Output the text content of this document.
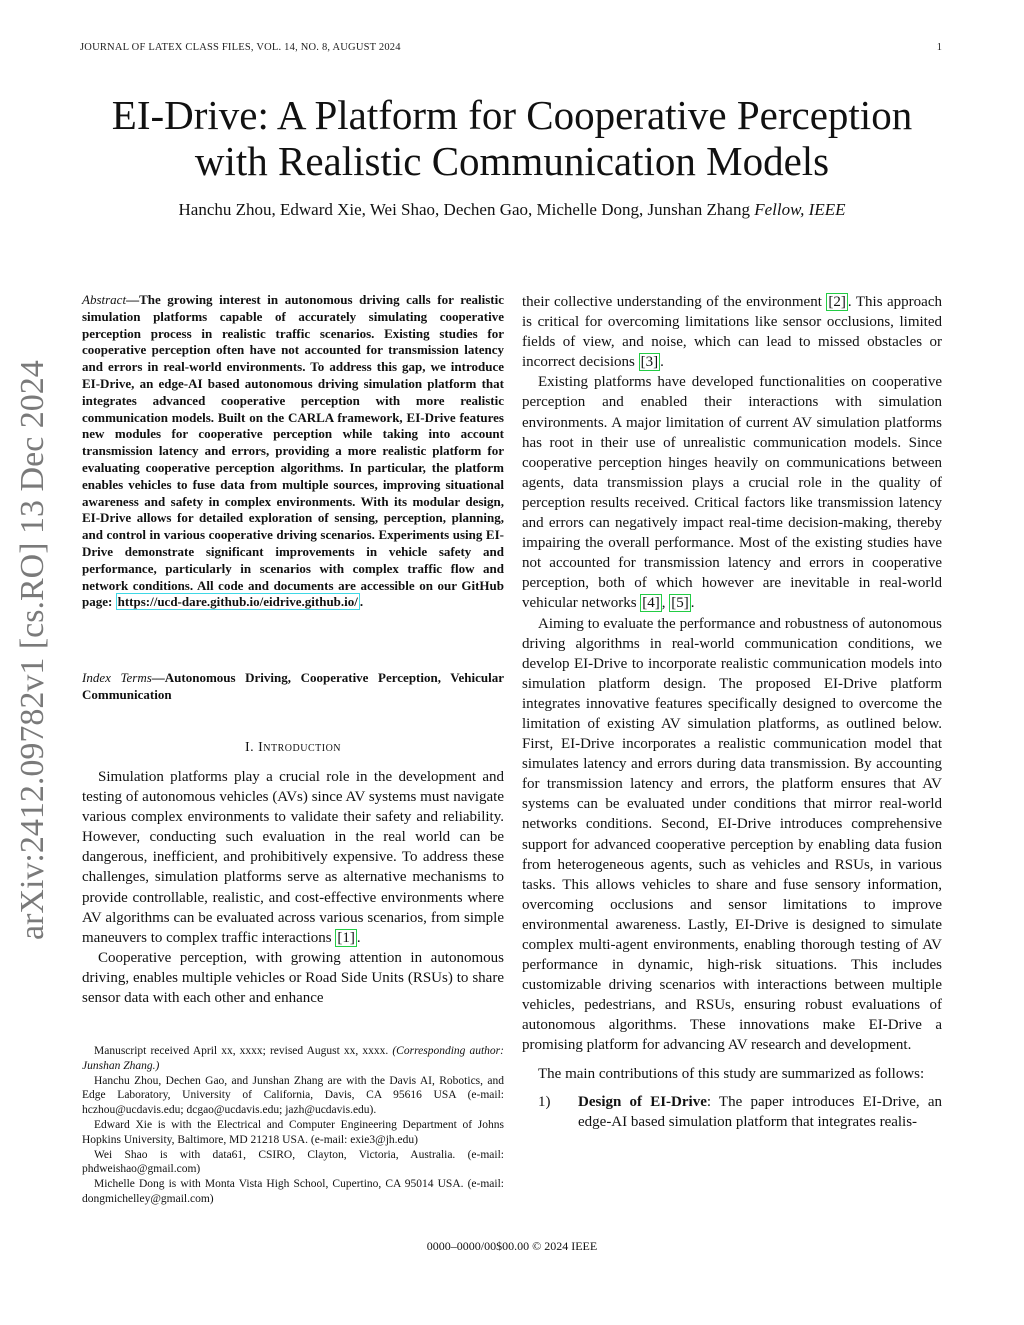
JOURNAL OF LATEX CLASS FILES, VOL. 14, NO. 8, AUGUST 2024	1
EI-Drive: A Platform for Cooperative Perception
with Realistic Communication Models
Hanchu Zhou, Edward Xie, Wei Shao, Dechen Gao, Michelle Dong, Junshan Zhang Fellow, IEEE
arXiv:2412.09782v1 [cs.RO] 13 Dec 2024
Abstract—The growing interest in autonomous driving calls for realistic simulation platforms capable of accurately simulating cooperative perception process in realistic traffic scenarios. Existing studies for cooperative perception often have not accounted for transmission latency and errors in real-world environments. To address this gap, we introduce EI-Drive, an edge-AI based autonomous driving simulation platform that integrates advanced cooperative perception with more realistic communication models. Built on the CARLA framework, EI-Drive features new modules for cooperative perception while taking into account transmission latency and errors, providing a more realistic platform for evaluating cooperative perception algorithms. In particular, the platform enables vehicles to fuse data from multiple sources, improving situational awareness and safety in complex environments. With its modular design, EI-Drive allows for detailed exploration of sensing, perception, planning, and control in various cooperative driving scenarios. Experiments using EI-Drive demonstrate significant improvements in vehicle safety and performance, particularly in scenarios with complex traffic flow and network conditions. All code and documents are accessible on our GitHub page: https://ucd-dare.github.io/eidrive.github.io/ .
Index Terms—Autonomous Driving, Cooperative Perception, Vehicular Communication
I. Introduction

Simulation platforms play a crucial role in the development and testing of autonomous vehicles (AVs) since AV systems must navigate various complex environments to validate their safety and reliability. However, conducting such evaluation in the real world can be dangerous, inefficient, and prohibitively expensive. To address these challenges, simulation platforms serve as alternative mechanisms to provide controllable, realistic, and cost-effective environments where AV algorithms can be evaluated across various scenarios, from simple maneuvers to complex traffic interactions [1] .

Cooperative perception, with growing attention in autonomous driving, enables multiple vehicles or Road Side Units (RSUs) to share sensor data with each other and enhance

Manuscript received April xx, xxxx; revised August xx, xxxx. (Corresponding author: Junshan Zhang.)

Hanchu Zhou, Dechen Gao, and Junshan Zhang are with the Davis AI, Robotics, and Edge Laboratory, University of California, Davis, CA 95616 USA (e-mail: hczhou@ucdavis.edu; dcgao@ucdavis.edu; jazh@ucdavis.edu).

Edward Xie is with the Electrical and Computer Engineering Department of Johns Hopkins University, Baltimore, MD 21218 USA. (e-mail: exie3@jh.edu)

Wei Shao is with data61, CSIRO, Clayton, Victoria, Australia. (e-mail: phdweishao@gmail.com)

Michelle Dong is with Monta Vista High School, Cupertino, CA 95014 USA. (e-mail: dongmichelley@gmail.com)

their collective understanding of the environment [2] . This approach is critical for overcoming limitations like sensor occlusions, limited fields of view, and noise, which can lead to missed obstacles or incorrect decisions [3] .

Existing platforms have developed functionalities on cooperative perception and enabled their interactions with simulation environments. A major limitation of current AV simulation platforms has root in their use of unrealistic communication models. Since cooperative perception hinges heavily on communications between agents, data transmission plays a crucial role in the quality of perception results received. Critical factors like transmission latency and errors can negatively impact real-time decision-making, thereby impairing the overall performance. Most of the existing studies have not accounted for transmission latency and errors in cooperative perception, both of which however are inevitable in real-world vehicular networks [4] , [5] .

Aiming to evaluate the performance and robustness of autonomous driving algorithms in real-world communication conditions, we develop EI-Drive to incorporate realistic communication models into simulation platform design. The proposed EI-Drive platform integrates innovative features specifically designed to overcome the limitation of existing AV simulation platforms, as outlined below. First, EI-Drive incorporates a realistic communication model that simulates latency and errors during data transmission. By accounting for transmission latency and errors, the platform ensures that AV systems can be evaluated under conditions that mirror real-world networks conditions. Second, EI-Drive introduces comprehensive support for advanced cooperative perception by enabling data fusion from heterogeneous agents, such as vehicles and RSUs, in various tasks. This allows vehicles to share and fuse sensory information, overcoming occlusions and sensor limitations to improve environmental awareness. Lastly, EI-Drive is designed to simulate complex multi-agent environments, enabling thorough testing of AV performance in dynamic, high-risk situations. This includes customizable driving scenarios with interactions between multiple vehicles, pedestrians, and RSUs, ensuring robust evaluations of autonomous algorithms. These innovations make EI-Drive a promising platform for advancing AV research and development.

The main contributions of this study are summarized as follows:

1)	Design of EI-Drive: The paper introduces EI-Drive, an edge-AI based simulation platform that integrates realis-
0000–0000/00$00.00 © 2024 IEEE
